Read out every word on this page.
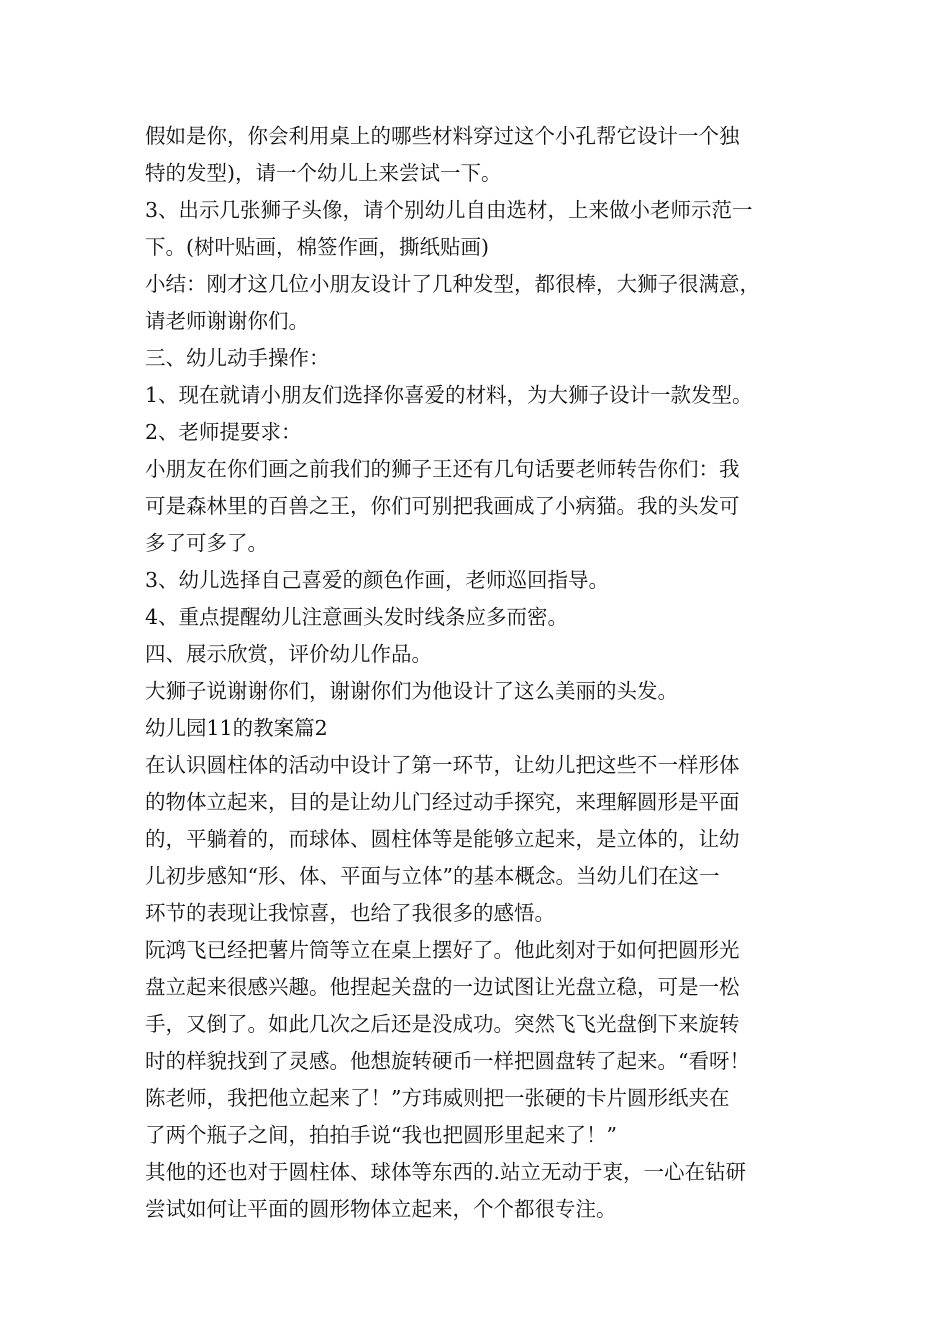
假如是你，你会利用桌上的哪些材料穿过这个小孔帮它设计一个独
特的发型)，请一个幼儿上来尝试一下。
3、出示几张狮子头像，请个别幼儿自由选材，上来做小老师示范一
下。(树叶贴画，棉签作画，撕纸贴画)
小结：刚才这几位小朋友设计了几种发型，都很棒，大狮子很满意，
请老师谢谢你们。
三、幼儿动手操作：
1、现在就请小朋友们选择你喜爱的材料，为大狮子设计一款发型。
2、老师提要求：
小朋友在你们画之前我们的狮子王还有几句话要老师转告你们：我
可是森林里的百兽之王，你们可别把我画成了小病猫。我的头发可
多了可多了。
3、幼儿选择自己喜爱的颜色作画，老师巡回指导。
4、重点提醒幼儿注意画头发时线条应多而密。
四、展示欣赏，评价幼儿作品。
大狮子说谢谢你们，谢谢你们为他设计了这么美丽的头发。
幼儿园11的教案篇2
在认识圆柱体的活动中设计了第一环节，让幼儿把这些不一样形体
的物体立起来，目的是让幼儿门经过动手探究，来理解圆形是平面
的，平躺着的，而球体、圆柱体等是能够立起来，是立体的，让幼
儿初步感知“形、体、平面与立体”的基本概念。当幼儿们在这一
环节的表现让我惊喜，也给了我很多的感悟。
阮鸿飞已经把薯片筒等立在桌上摆好了。他此刻对于如何把圆形光
盘立起来很感兴趣。他捏起关盘的一边试图让光盘立稳，可是一松
手，又倒了。如此几次之后还是没成功。突然飞飞光盘倒下来旋转
时的样貌找到了灵感。他想旋转硬币一样把圆盘转了起来。“看呀！
陈老师，我把他立起来了！”方玮威则把一张硬的卡片圆形纸夹在
了两个瓶子之间，拍拍手说“我也把圆形里起来了！”
其他的还也对于圆柱体、球体等东西的.站立无动于衷，一心在钻研
尝试如何让平面的圆形物体立起来，个个都很专注。
